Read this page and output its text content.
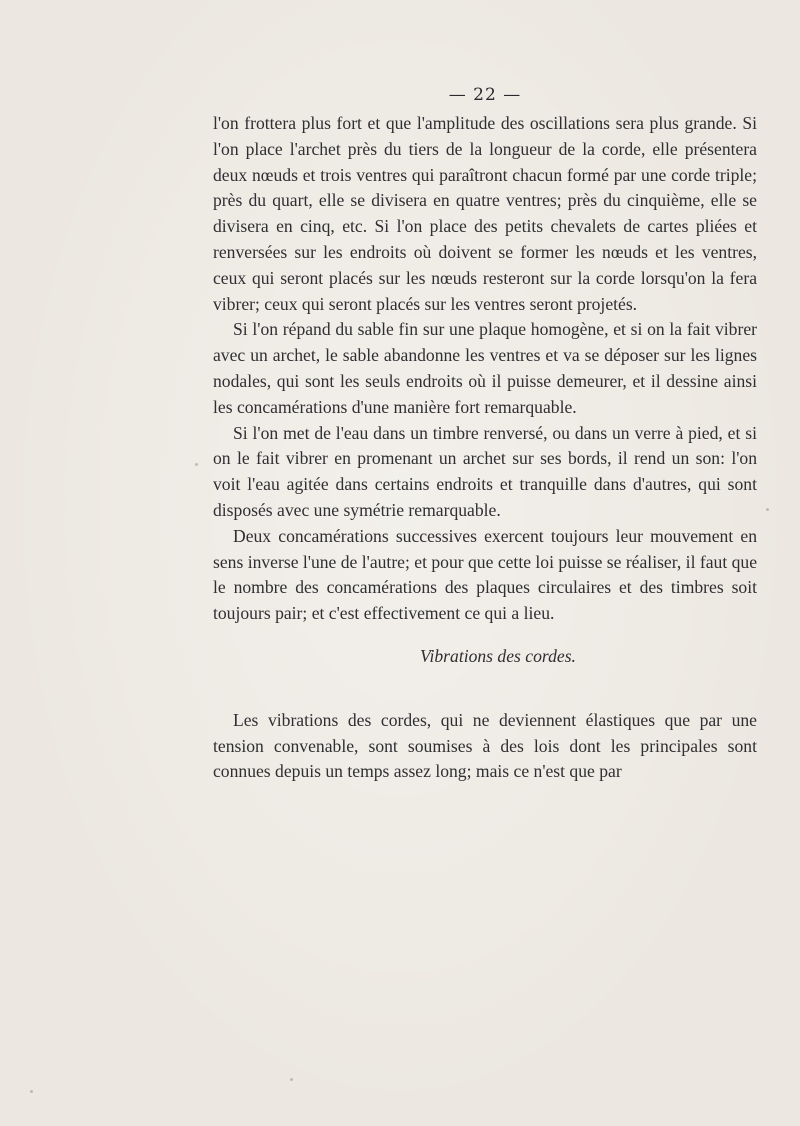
— 22 —

l'on frottera plus fort et que l'amplitude des oscillations sera plus grande. Si l'on place l'archet près du tiers de la longueur de la corde, elle présentera deux nœuds et trois ventres qui paraîtront chacun formé par une corde triple; près du quart, elle se divisera en quatre ventres; près du cinquième, elle se divisera en cinq, etc. Si l'on place des petits chevalets de cartes pliées et renversées sur les endroits où doivent se former les nœuds et les ventres, ceux qui seront placés sur les nœuds resteront sur la corde lorsqu'on la fera vibrer; ceux qui seront placés sur les ventres seront projetés.

Si l'on répand du sable fin sur une plaque homogène, et si on la fait vibrer avec un archet, le sable abandonne les ventres et va se déposer sur les lignes nodales, qui sont les seuls endroits où il puisse demeurer, et il dessine ainsi les concamérations d'une manière fort remarquable.

Si l'on met de l'eau dans un timbre renversé, ou dans un verre à pied, et si on le fait vibrer en promenant un archet sur ses bords, il rend un son: l'on voit l'eau agitée dans certains endroits et tranquille dans d'autres, qui sont disposés avec une symétrie remarquable.

Deux concamérations successives exercent toujours leur mouvement en sens inverse l'une de l'autre; et pour que cette loi puisse se réaliser, il faut que le nombre des concamérations des plaques circulaires et des timbres soit toujours pair; et c'est effectivement ce qui a lieu.

Vibrations des cordes.

Les vibrations des cordes, qui ne deviennent élastiques que par une tension convenable, sont soumises à des lois dont les principales sont connues depuis un temps assez long; mais ce n'est que par
